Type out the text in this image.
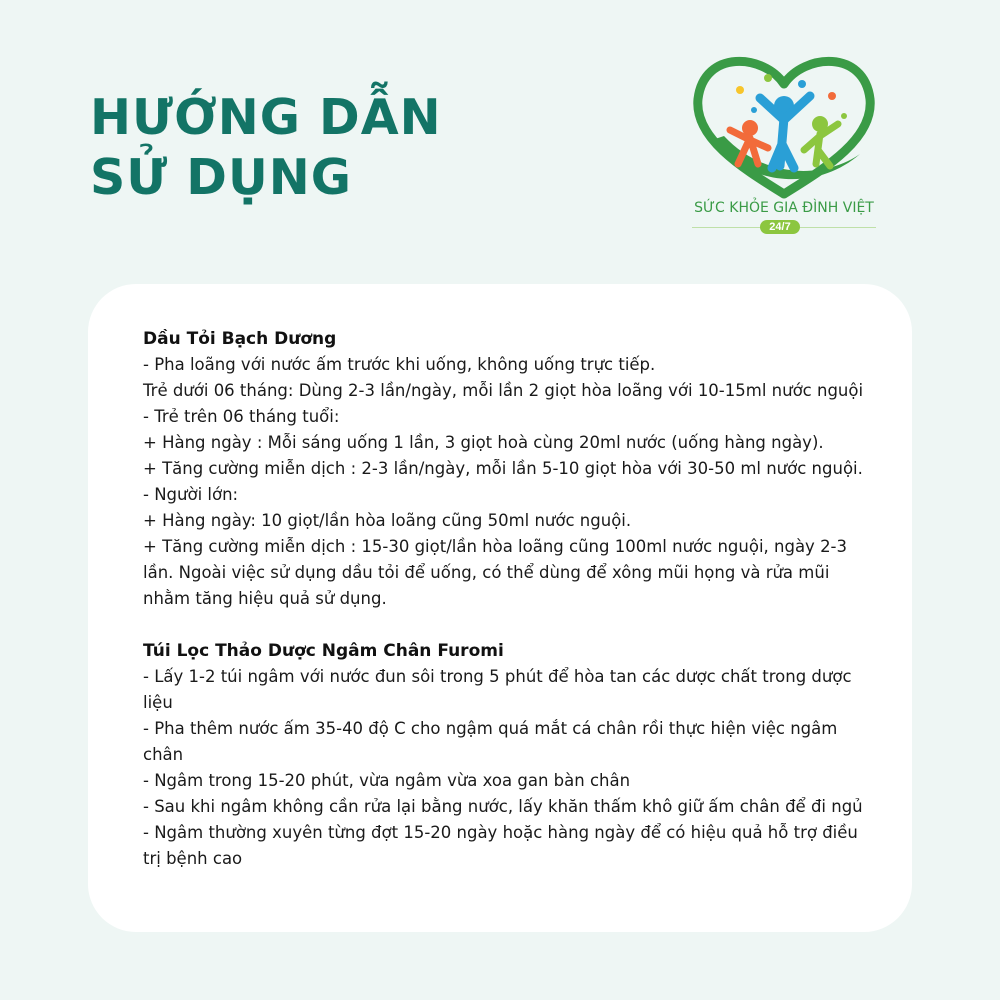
HƯỚNG DẪN
SỬ DỤNG
SỨC KHỎE GIA ĐÌNH VIỆT
24/7

Dầu Tỏi Bạch Dương

- Pha loãng với nước ấm trước khi uống, không uống trực tiếp.

Trẻ dưới 06 tháng: Dùng 2-3 lần/ngày, mỗi lần 2 giọt hòa loãng với 10-15ml nước nguội

- Trẻ trên 06 tháng tuổi:

+ Hàng ngày : Mỗi sáng uống 1 lần, 3 giọt hoà cùng 20ml nước (uống hàng ngày).

+ Tăng cường miễn dịch : 2-3 lần/ngày, mỗi lần 5-10 giọt hòa với 30-50 ml nước nguội.

- Người lớn:

+ Hàng ngày: 10 giọt/lần hòa loãng cũng 50ml nước nguội.

+ Tăng cường miễn dịch : 15-30 giọt/lần hòa loãng cũng 100ml nước nguội, ngày 2-3

lần. Ngoài việc sử dụng dầu tỏi để uống, có thể dùng để xông mũi họng và rửa mũi

nhằm tăng hiệu quả sử dụng.

Túi Lọc Thảo Dược Ngâm Chân Furomi

- Lấy 1-2 túi ngâm với nước đun sôi trong 5 phút để hòa tan các dược chất trong dược

liệu

- Pha thêm nước ấm 35-40 độ C cho ngậm quá mắt cá chân rồi thực hiện việc ngâm

chân

- Ngâm trong 15-20 phút, vừa ngâm vừa xoa gan bàn chân

- Sau khi ngâm không cần rửa lại bằng nước, lấy khăn thấm khô giữ ấm chân để đi ngủ

- Ngâm thường xuyên từng đợt 15-20 ngày hoặc hàng ngày để có hiệu quả hỗ trợ điều

trị bệnh cao
